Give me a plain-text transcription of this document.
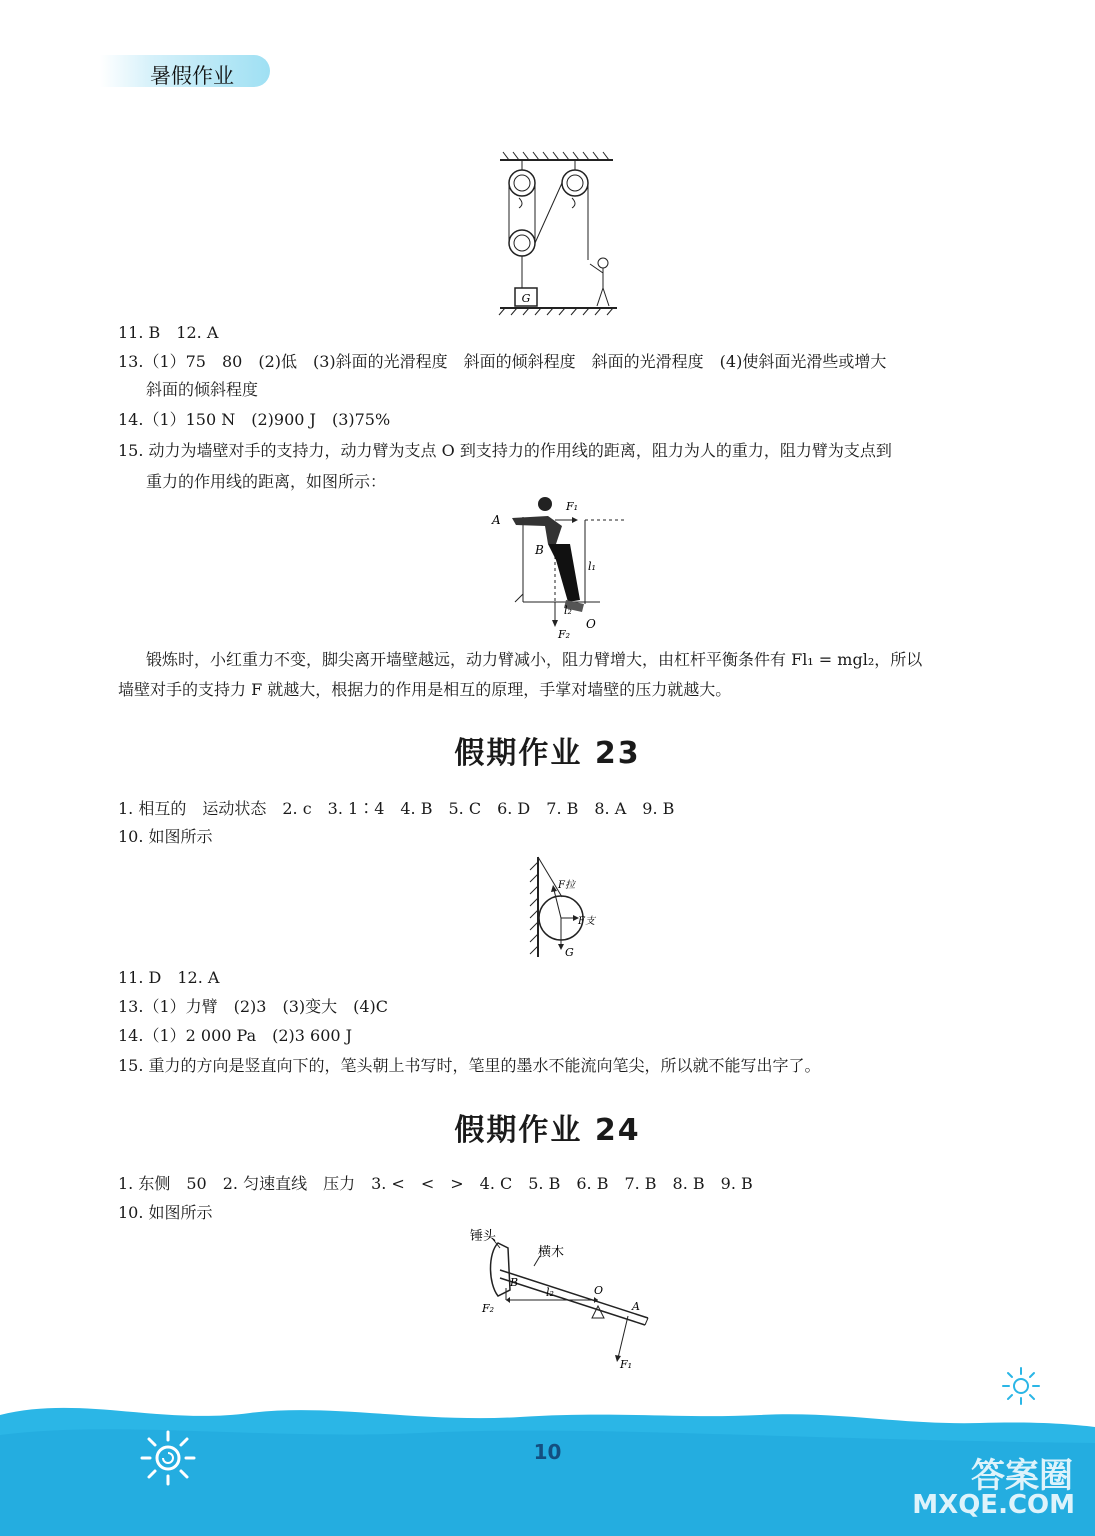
暑假作业
G
11. B　12. A
13.（1）75　80　(2)低　(3)斜面的光滑程度　斜面的倾斜程度　斜面的光滑程度　(4)使斜面光滑些或增大
斜面的倾斜程度
14.（1）150 N　(2)900 J　(3)75%
15. 动力为墙壁对手的支持力，动力臂为支点 O 到支持力的作用线的距离，阻力为人的重力，阻力臂为支点到
重力的作用线的距离，如图所示：
A
B
F₁
l₁
l₂
O
F₂
锻炼时，小红重力不变，脚尖离开墙壁越远，动力臂减小，阻力臂增大，由杠杆平衡条件有 Fl₁ = mgl₂，所以
墙壁对手的支持力 F 就越大，根据力的作用是相互的原理，手掌对墙壁的压力就越大。
假期作业 23
1. 相互的　运动状态　2. c　3. 1∶4　4. B　5. C　6. D　7. B　8. A　9. B
10. 如图所示
F拉
F支
G
11. D　12. A
13.（1）力臂　(2)3　(3)变大　(4)C
14.（1）2 000 Pa　(2)3 600 J
15. 重力的方向是竖直向下的，笔头朝上书写时，笔里的墨水不能流向笔尖，所以就不能写出字了。
假期作业 24
1. 东侧　50　2. 匀速直线　压力　3. <　<　>　4. C　5. B　6. B　7. B　8. B　9. B
10. 如图所示
锤头
横木
B
O
A
l₂
F₂
F₁
10
答案圈
MXQE.COM
